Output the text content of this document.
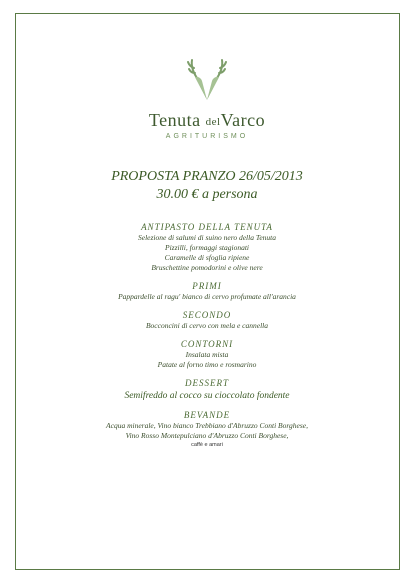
Tenuta delVarco
AGRITURISMO
PROPOSTA PRANZO 26/05/2013
30.00 € a persona
ANTIPASTO DELLA TENUTA
Selezione di salumi di suino nero della Tenuta
Pizzilli, formaggi stagionati
Caramelle di sfoglia ripiene
Bruschettine pomodorini e olive nere
PRIMI
Pappardelle al ragu' bianco di cervo profumate all'arancia
SECONDO
Bocconcini di cervo con mela e cannella
CONTORNI
Insalata mista
Patate al forno timo e rosmarino
DESSERT
Semifreddo al cocco su cioccolato fondente
BEVANDE
Acqua minerale, Vino bianco Trebbiano d'Abruzzo Conti Borghese,
Vino Rosso Montepulciano d'Abruzzo Conti Borghese,
caffè e amari
